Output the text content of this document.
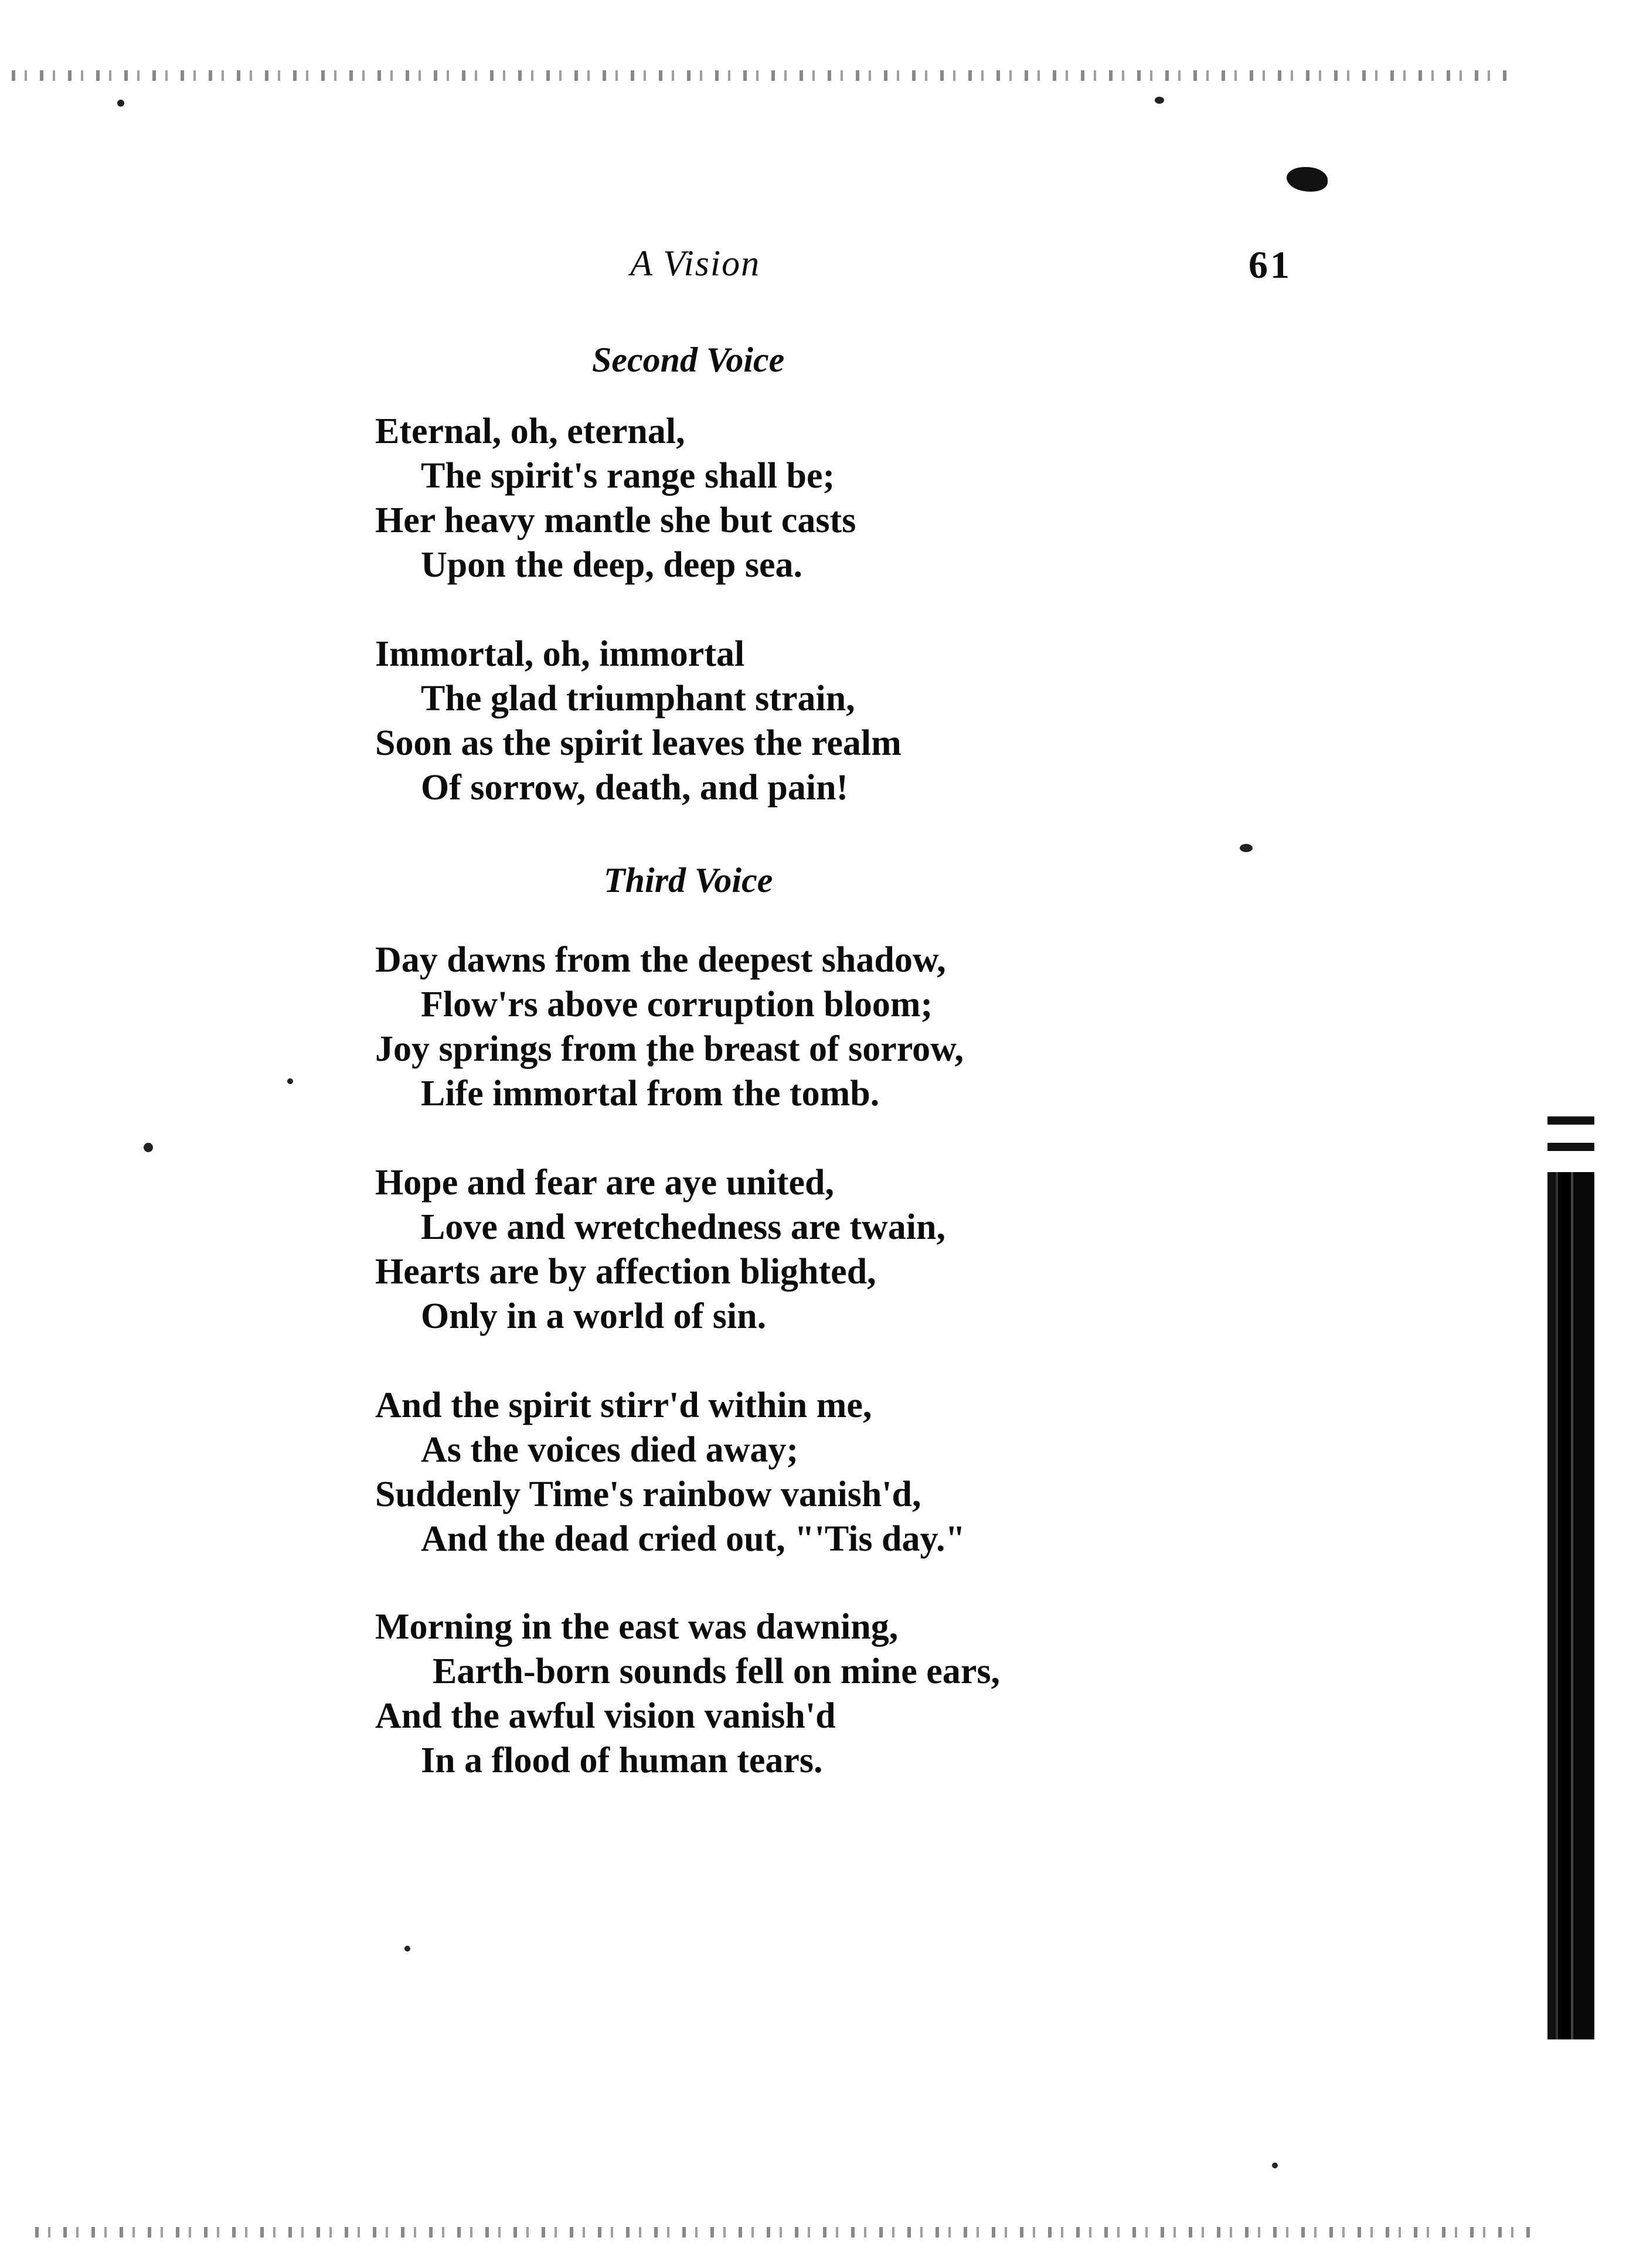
A Vision	61
Second Voice
Eternal, oh, eternal,
The spirit's range shall be;
Her heavy mantle she but casts
Upon the deep, deep sea.
Immortal, oh, immortal
The glad triumphant strain,
Soon as the spirit leaves the realm
Of sorrow, death, and pain!
Third Voice
Day dawns from the deepest shadow,
Flow'rs above corruption bloom;
Joy springs from the breast of sorrow,
Life immortal from the tomb.
Hope and fear are aye united,
Love and wretchedness are twain,
Hearts are by affection blighted,
Only in a world of sin.
And the spirit stirr'd within me,
As the voices died away;
Suddenly Time's rainbow vanish'd,
And the dead cried out, "'Tis day."
Morning in the east was dawning,
Earth-born sounds fell on mine ears,
And the awful vision vanish'd
In a flood of human tears.
